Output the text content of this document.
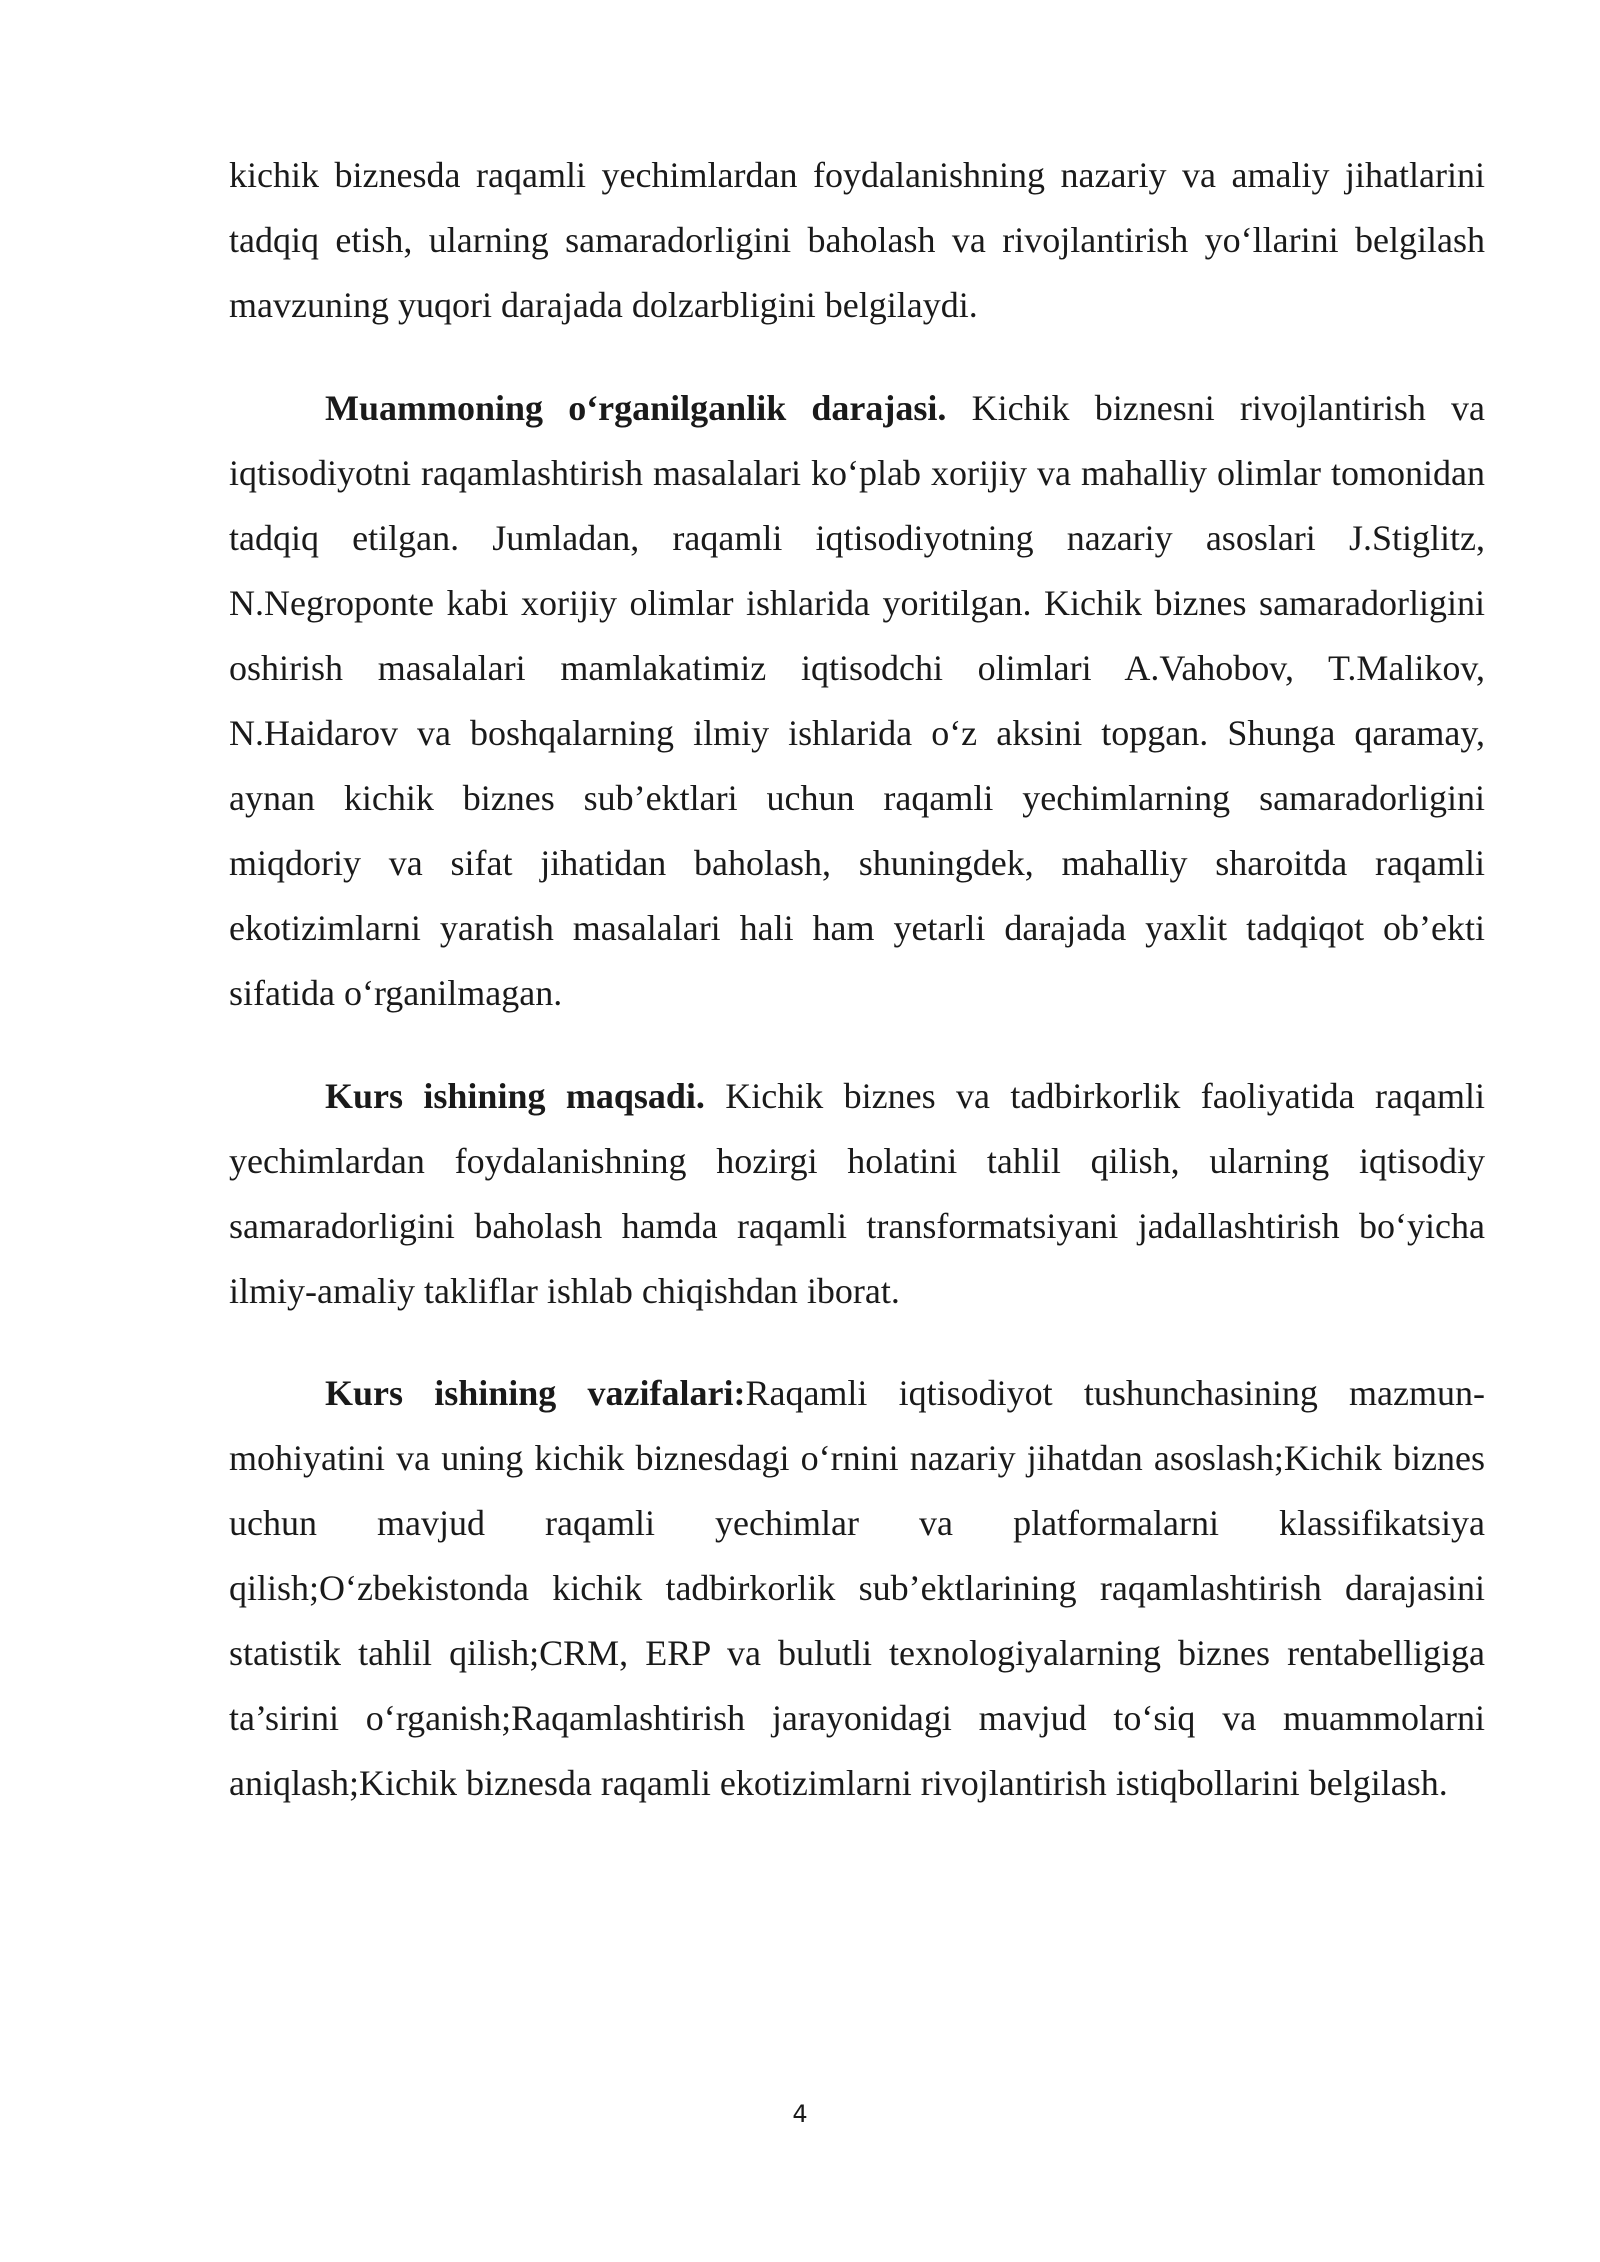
kichik biznesda raqamli yechimlardan foydalanishning nazariy va amaliy jihatlarini tadqiq etish, ularning samaradorligini baholash va rivojlantirish yo‘llarini belgilash mavzuning yuqori darajada dolzarbligini belgilaydi.

Muammoning o‘rganilganlik darajasi. Kichik biznesni rivojlantirish va iqtisodiyotni raqamlashtirish masalalari ko‘plab xorijiy va mahalliy olimlar tomonidan tadqiq etilgan. Jumladan, raqamli iqtisodiyotning nazariy asoslari J.Stiglitz, N.Negroponte kabi xorijiy olimlar ishlarida yoritilgan. Kichik biznes samaradorligini oshirish masalalari mamlakatimiz iqtisodchi olimlari A.Vahobov, T.Malikov, N.Haidarov va boshqalarning ilmiy ishlarida o‘z aksini topgan. Shunga qaramay, aynan kichik biznes sub’ektlari uchun raqamli yechimlarning samaradorligini miqdoriy va sifat jihatidan baholash, shuningdek, mahalliy sharoitda raqamli ekotizimlarni yaratish masalalari hali ham yetarli darajada yaxlit tadqiqot ob’ekti sifatida o‘rganilmagan.

Kurs ishining maqsadi. Kichik biznes va tadbirkorlik faoliyatida raqamli yechimlardan foydalanishning hozirgi holatini tahlil qilish, ularning iqtisodiy samaradorligini baholash hamda raqamli transformatsiyani jadallashtirish bo‘yicha ilmiy-amaliy takliflar ishlab chiqishdan iborat.

Kurs ishining vazifalari:Raqamli iqtisodiyot tushunchasining mazmun-mohiyatini va uning kichik biznesdagi o‘rnini nazariy jihatdan asoslash;Kichik biznes uchun mavjud raqamli yechimlar va platformalarni klassifikatsiya qilish;O‘zbekistonda kichik tadbirkorlik sub’ektlarining raqamlashtirish darajasini statistik tahlil qilish;CRM, ERP va bulutli texnologiyalarning biznes rentabelligiga ta’sirini o‘rganish;Raqamlashtirish jarayonidagi mavjud to‘siq va muammolarni aniqlash;Kichik biznesda raqamli ekotizimlarni rivojlantirish istiqbollarini belgilash.

4
